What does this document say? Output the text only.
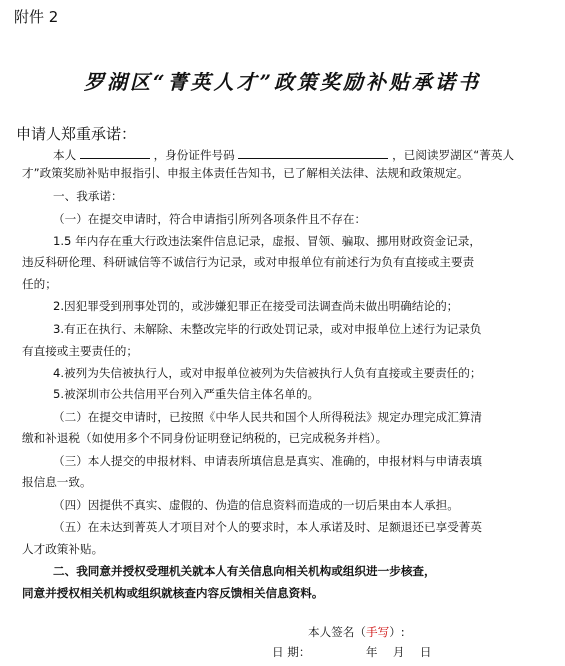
附件 2
罗湖区“菁英人才”政策奖励补贴承诺书
申请人郑重承诺：
本人	，身份证件号码	，已阅读罗湖区“菁英人
才”政策奖励补贴申报指引、申报主体责任告知书，已了解相关法律、法规和政策规定。
一、我承诺：
（一）在提交申请时，符合申请指引所列各项条件且不存在：
1.5 年内存在重大行政违法案件信息记录，虚报、冒领、骗取、挪用财政资金记录，
违反科研伦理、科研诚信等不诚信行为记录，或对申报单位有前述行为负有直接或主要责
任的；
2.因犯罪受到刑事处罚的，或涉嫌犯罪正在接受司法调查尚未做出明确结论的；
3.有正在执行、未解除、未整改完毕的行政处罚记录，或对申报单位上述行为记录负
有直接或主要责任的；
4.被列为失信被执行人，或对申报单位被列为失信被执行人负有直接或主要责任的；
5.被深圳市公共信用平台列入严重失信主体名单的。
（二）在提交申请时，已按照《中华人民共和国个人所得税法》规定办理完成汇算清
缴和补退税（如使用多个不同身份证明登记纳税的，已完成税务并档）。
（三）本人提交的申报材料、申请表所填信息是真实、准确的，申报材料与申请表填
报信息一致。
（四）因提供不真实、虚假的、伪造的信息资料而造成的一切后果由本人承担。
（五）在未达到菁英人才项目对个人的要求时，本人承诺及时、足额退还已享受菁英
人才政策补贴。
二、我同意并授权受理机关就本人有关信息向相关机构或组织进一步核查，
同意并授权相关机构或组织就核查内容反馈相关信息资料。
本人签名（手写）:
日 期：	年 月 日
